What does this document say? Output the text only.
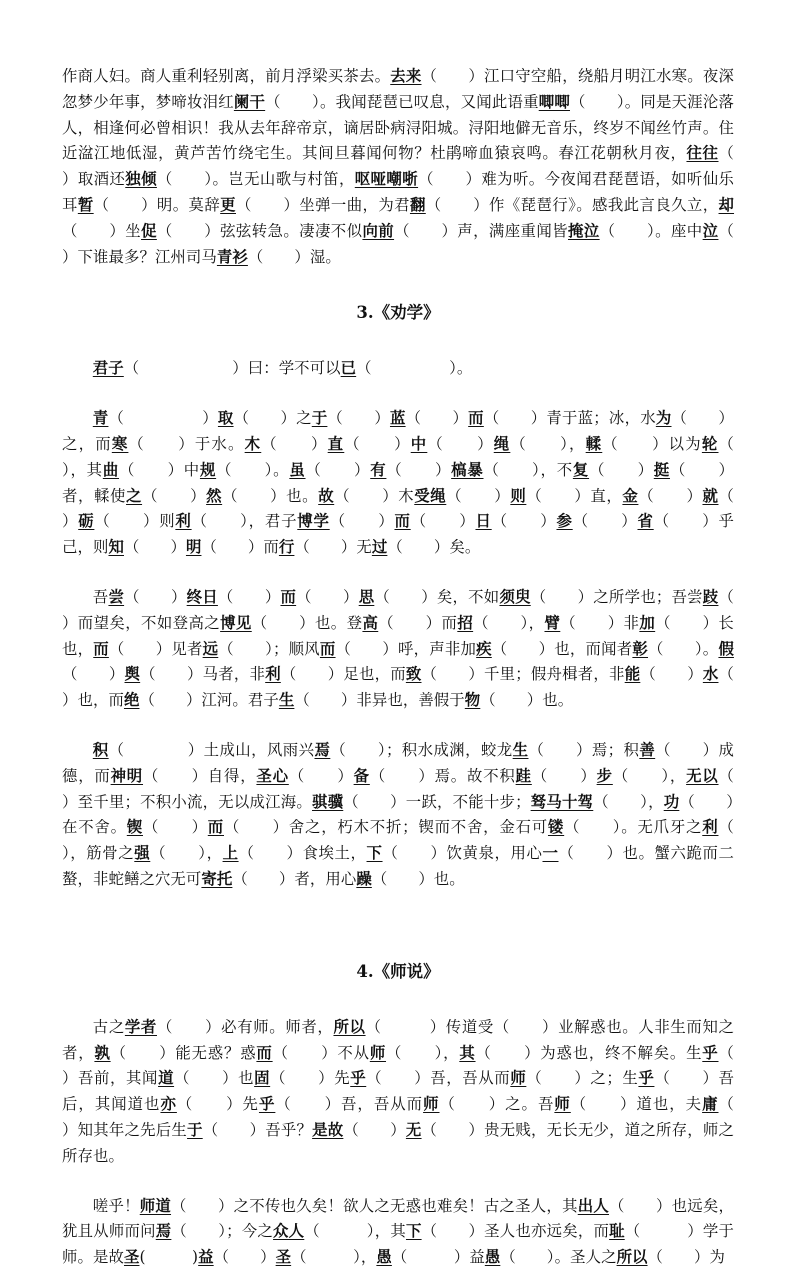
作商人妇。商人重利轻别离，前月浮梁买茶去。去来（　　）江口守空船，绕船月明江水寒。夜深忽梦少年事，梦啼妆泪红阑干（　　）。我闻琵琶已叹息，又闻此语重唧唧（　　）。同是天涯沦落人，相逢何必曾相识！我从去年辞帝京，谪居卧病浔阳城。浔阳地僻无音乐，终岁不闻丝竹声。住近湓江地低湿，黄芦苦竹绕宅生。其间旦暮闻何物？杜鹃啼血猿哀鸣。春江花朝秋月夜，往往（　　）取酒还独倾（　　）。岂无山歌与村笛，呕哑嘲哳（　　）难为听。今夜闻君琵琶语，如听仙乐耳暂（　　）明。莫辞更（　　）坐弹一曲，为君翻（　　）作《琵琶行》。感我此言良久立，却（　　）坐促（　　）弦弦转急。凄凄不似向前（　　）声，满座重闻皆掩泣（　　）。座中泣（　　）下谁最多？江州司马青衫（　　）湿。

3.《劝学》

君子（　　　　　　）曰：学不可以已（　　　　　）。

青（　　　　　）取（　　）之于（　　）蓝（　　）而（　　）青于蓝；冰，水为（　　）之，而寒（　　）于水。木（　　）直（　　）中（　　）绳（　　），輮（　　）以为轮（　　），其曲（　　）中规（　　）。虽（　　）有（　　）槁暴（　　），不复（　　）挺（　　）者，輮使之（　　）然（　　）也。故（　　）木受绳（　　）则（　　）直，金（　　）就（　　）砺（　　）则利（　　），君子博学（　　）而（　　）日（　　）参（　　）省（　　）乎己，则知（　　）明（　　）而行（　　）无过（　　）矣。

吾尝（　　）终日（　　）而（　　）思（　　）矣，不如须臾（　　）之所学也；吾尝跂（　　）而望矣，不如登高之博见（　　）也。登高（　　）而招（　　），臂（　　）非加（　　）长也，而（　　）见者远（　　）；顺风而（　　）呼，声非加疾（　　）也，而闻者彰（　　）。假（　　）舆（　　）马者，非利（　　）足也，而致（　　）千里；假舟楫者，非能（　　）水（　　）也，而绝（　　）江河。君子生（　　）非异也，善假于物（　　）也。

积（　　　　）土成山，风雨兴焉（　　）；积水成渊，蛟龙生（　　）焉；积善（　　）成德，而神明（　　）自得，圣心（　　）备（　　）焉。故不积跬（　　）步（　　），无以（　　）至千里；不积小流，无以成江海。骐骥（　　）一跃，不能十步；驽马十驾（　　），功（　　）在不舍。锲（　　）而（　　）舍之，朽木不折；锲而不舍，金石可镂（　　）。无爪牙之利（　　），筋骨之强（　　），上（　　）食埃土，下（　　）饮黄泉，用心一（　　）也。蟹六跪而二螯，非蛇鳝之穴无可寄托（　　）者，用心躁（　　）也。

4.《师说》

古之学者（　　）必有师。师者，所以（　　　）传道受（　　）业解惑也。人非生而知之者，孰（　　）能无惑？惑而（　　）不从师（　　），其（　　）为惑也，终不解矣。生乎（　　）吾前，其闻道（　　）也固（　　）先乎（　　）吾，吾从而师（　　）之；生乎（　　）吾后，其闻道也亦（　　）先乎（　　）吾，吾从而师（　　）之。吾师（　　）道也，夫庸（　　）知其年之先后生于（　　）吾乎？是故（　　）无（　　）贵无贱，无长无少，道之所存，师之所存也。

嗟乎！师道（　　）之不传也久矣！欲人之无惑也难矣！古之圣人，其出人（　　）也远矣，犹且从师而问焉（　　）；今之众人（　　　），其下（　　）圣人也亦远矣，而耻（　　　）学于师。是故圣(　　　)益（　　）圣（　　　），愚（　　　）益愚（　　）。圣人之所以（　　）为
